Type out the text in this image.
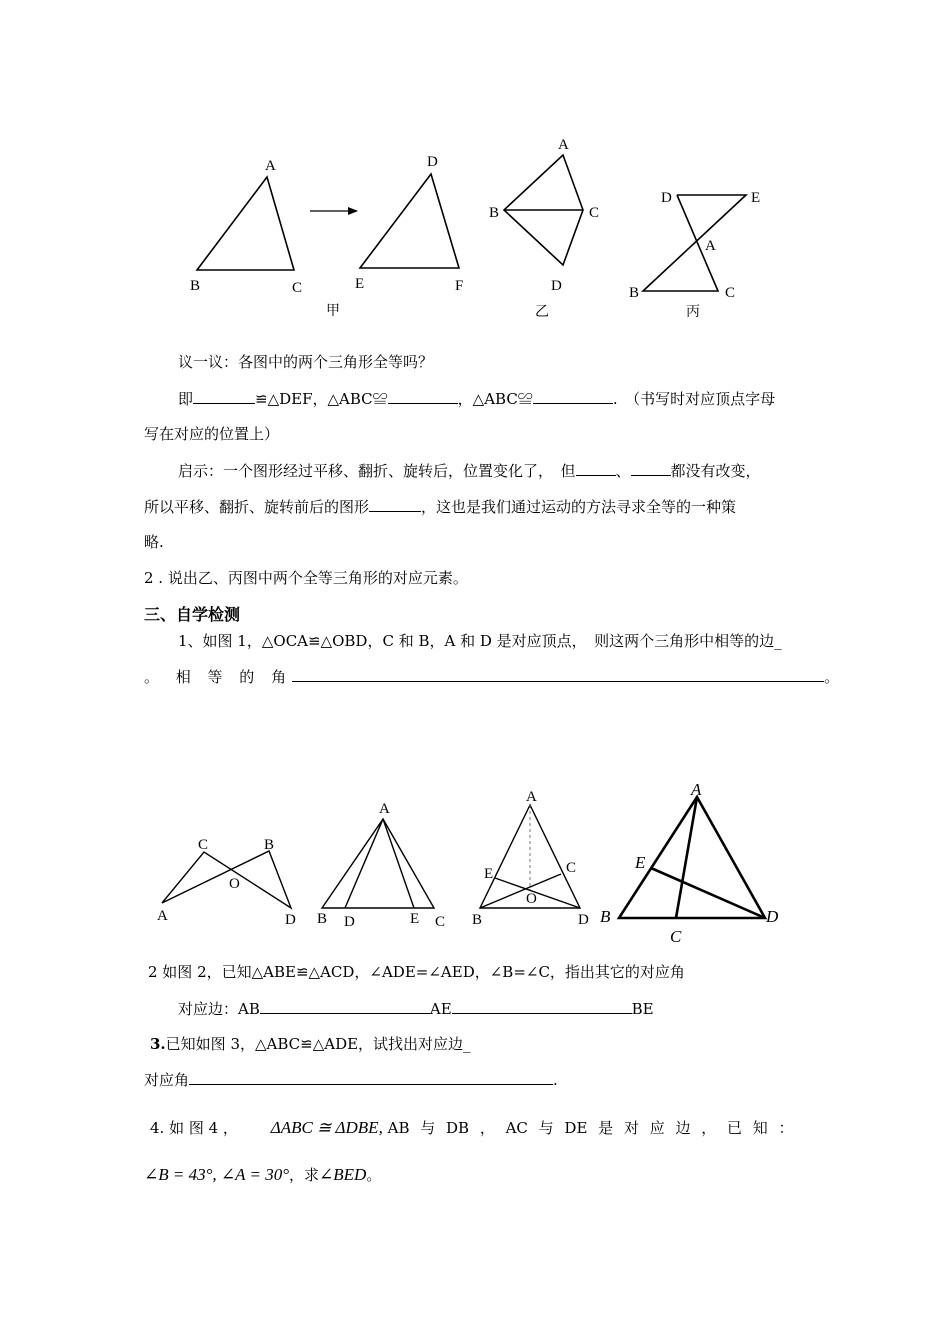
A
B	C
D
E	F
甲
A
B	C
D
乙
D	E
A
B	C
丙
C	B
O
A	D
A
B D	E C
A
E	C
O
B	D
A
E
B
C
D
议一议：各图中的两个三角形全等吗？
即	≌△DEF，△ABC≌	，△ABC≌	.　（书写时对应顶点字母
写在对应的位置上）
启示：一个图形经过平移、翻折、旋转后，位置变化了，　但	、	都没有改变，
所以平移、翻折、旋转前后的图形	，这也是我们通过运动的方法寻求全等的一种策
略.
2 . 说出乙、丙图中两个全等三角形的对应元素。
三、自学检测
1、如图 1，△OCA≌△OBD，C 和 B，A 和 D 是对应顶点，　则这两个三角形中相等的边_
。 相 等 的 角	。
2 如图 2，已知△ABE≌△ACD，∠ADE=∠AED，∠B=∠C，指出其它的对应角
对应边：AB	AE	BE
3.已知如图 3，△ABC≌△ADE，试找出对应边_
对应角	.
4. 如 图 4 ， ΔABC ≅ ΔDBE, AB 与 DB ， AC 与 DE 是 对 应 边 ， 已 知 ：
∠B = 43°, ∠A = 30°，求∠BED。
